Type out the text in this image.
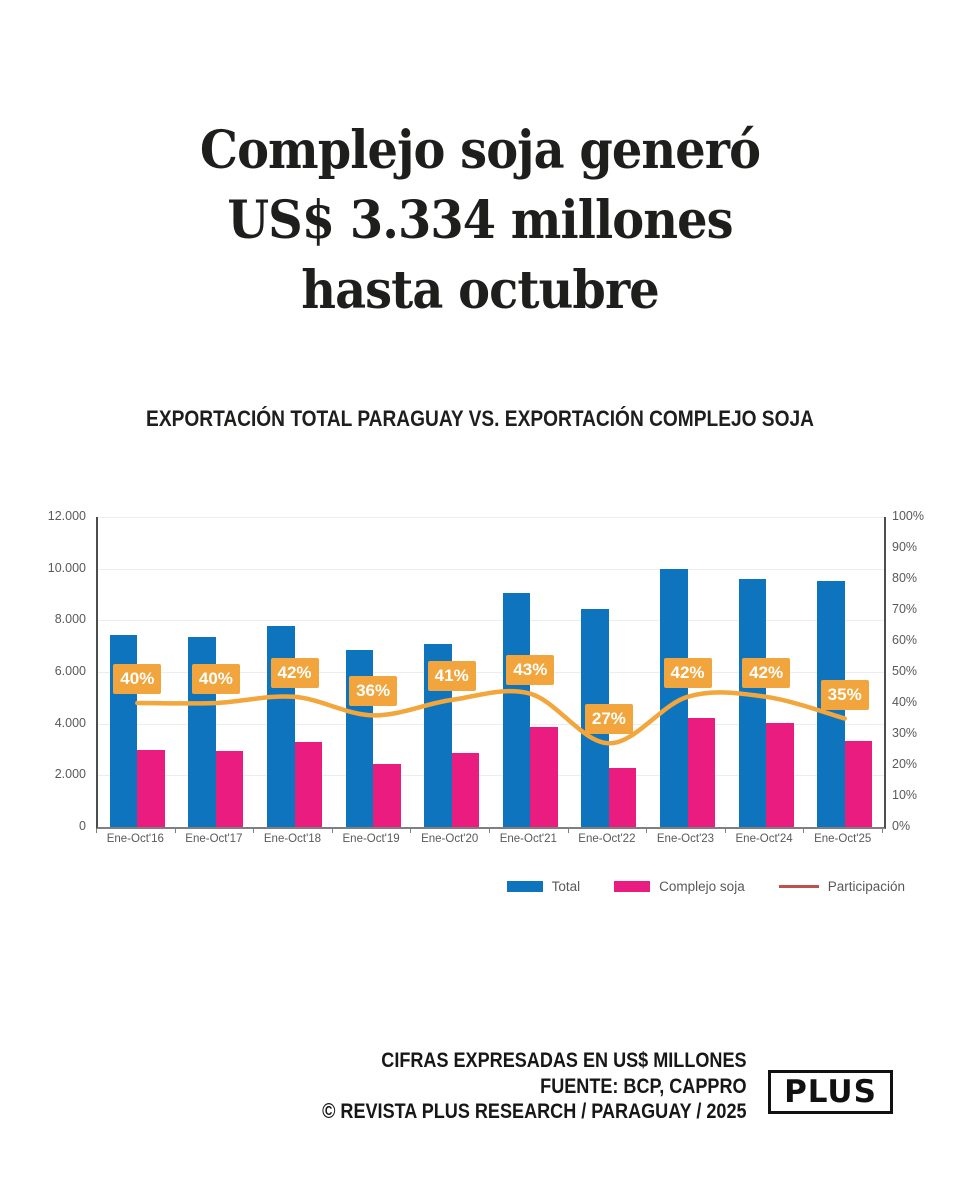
Complejo soja generó
US$ 3.334 millones
hasta octubre
EXPORTACIÓN TOTAL PARAGUAY VS. EXPORTACIÓN COMPLEJO SOJA
0
2.000
4.000
6.000
8.000
10.000
12.000
0%
10%
20%
30%
40%
50%
60%
70%
80%
90%
100%
Ene-Oct'16	Ene-Oct'17	Ene-Oct'18	Ene-Oct'19	Ene-Oct'20	Ene-Oct'21	Ene-Oct'22	Ene-Oct'23	Ene-Oct'24	Ene-Oct'25
40%	40%	42%
36%
41%	43%
27%
42%	42%
35%
Total	Complejo soja	Participación
CIFRAS EXPRESADAS EN US$ MILLONES
FUENTE: BCP, CAPPRO
© REVISTA PLUS RESEARCH / PARAGUAY / 2025
PLUS
